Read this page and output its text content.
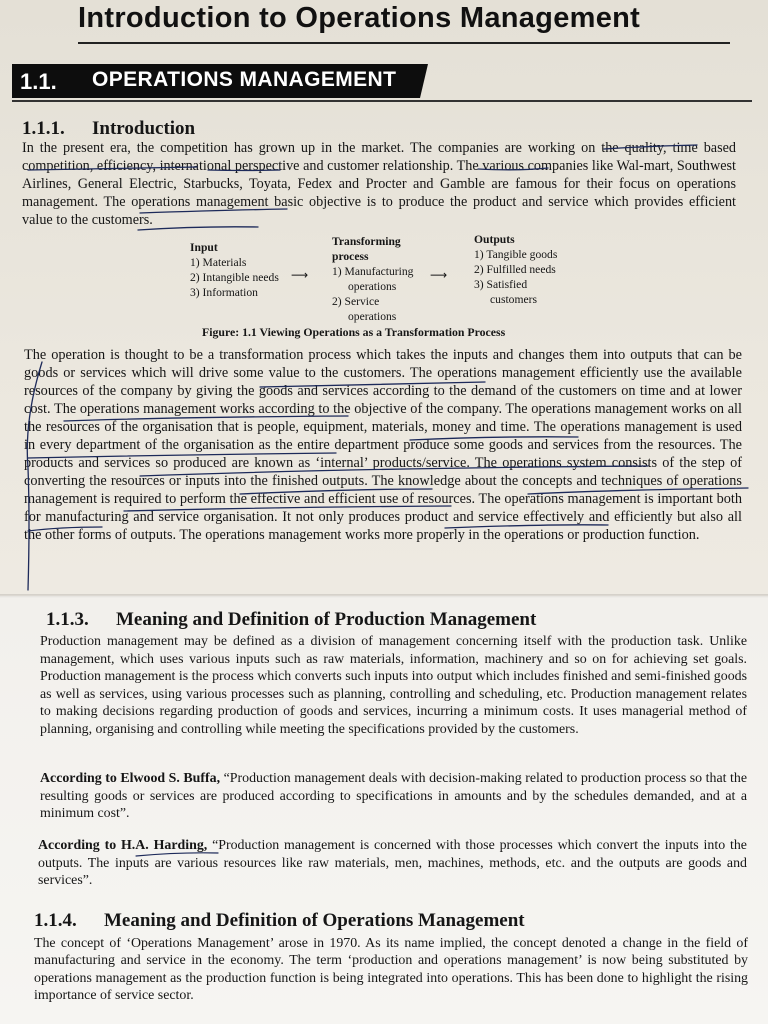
Introduction to Operations Management
1.1. OPERATIONS MANAGEMENT
1.1.1. Introduction
In the present era, the competition has grown up in the market. The companies are working on the quality, time based competition, efficiency, international perspective and customer relationship. The various companies like Wal-mart, Southwest Airlines, General Electric, Starbucks, Toyata, Fedex and Procter and Gamble are famous for their focus on operations management. The operations management basic objective is to produce the product and service which provides efficient value to the customers.
Input
1) Materials
2) Intangible needs
3) Information
⟶
Transforming
process
1) Manufacturing
operations
2) Service
operations
⟶
Outputs
1) Tangible goods
2) Fulfilled needs
3) Satisfied
customers
Figure: 1.1 Viewing Operations as a Transformation Process
The operation is thought to be a transformation process which takes the inputs and changes them into outputs that can be goods or services which will drive some value to the customers. The operations management efficiently use the available resources of the company by giving the goods and services according to the demand of the customers on time and at lower cost. The operations management works according to the objective of the company. The operations management works on all the resources of the organisation that is people, equipment, materials, money and time. The operations management is used in every department of the organisation as the entire department produce some goods and services from the resources. The products and services so produced are known as ‘internal’ products/service. The operations system consists of the step of converting the resources or inputs into the finished outputs. The knowledge about the concepts and techniques of operations management is required to perform the effective and efficient use of resources. The operations management is important both for manufacturing and service organisation. It not only produces product and service effectively and efficiently but also all the other forms of outputs. The operations management works more properly in the operations or production function.
1.1.3. Meaning and Definition of Production Management
Production management may be defined as a division of management concerning itself with the production task. Unlike management, which uses various inputs such as raw materials, information, machinery and so on for achieving set goals. Production management is the process which converts such inputs into output which includes finished and semi-finished goods as well as services, using various processes such as planning, controlling and scheduling, etc. Production management relates to making decisions regarding production of goods and services, incurring a minimum costs. It uses managerial method of planning, organising and controlling while meeting the specifications provided by the customers.
According to Elwood S. Buffa, “Production management deals with decision-making related to production process so that the resulting goods or services are produced according to specifications in amounts and by the schedules demanded, and at a minimum cost”.
According to H.A. Harding, “Production management is concerned with those processes which convert the inputs into the outputs. The inputs are various resources like raw materials, men, machines, methods, etc. and the outputs are goods and services”.
1.1.4. Meaning and Definition of Operations Management
The concept of ‘Operations Management’ arose in 1970. As its name implied, the concept denoted a change in the field of manufacturing and service in the economy. The term ‘production and operations management’ is now being substituted by operations management as the production function is being integrated into operations. This has been done to highlight the rising importance of service sector.
